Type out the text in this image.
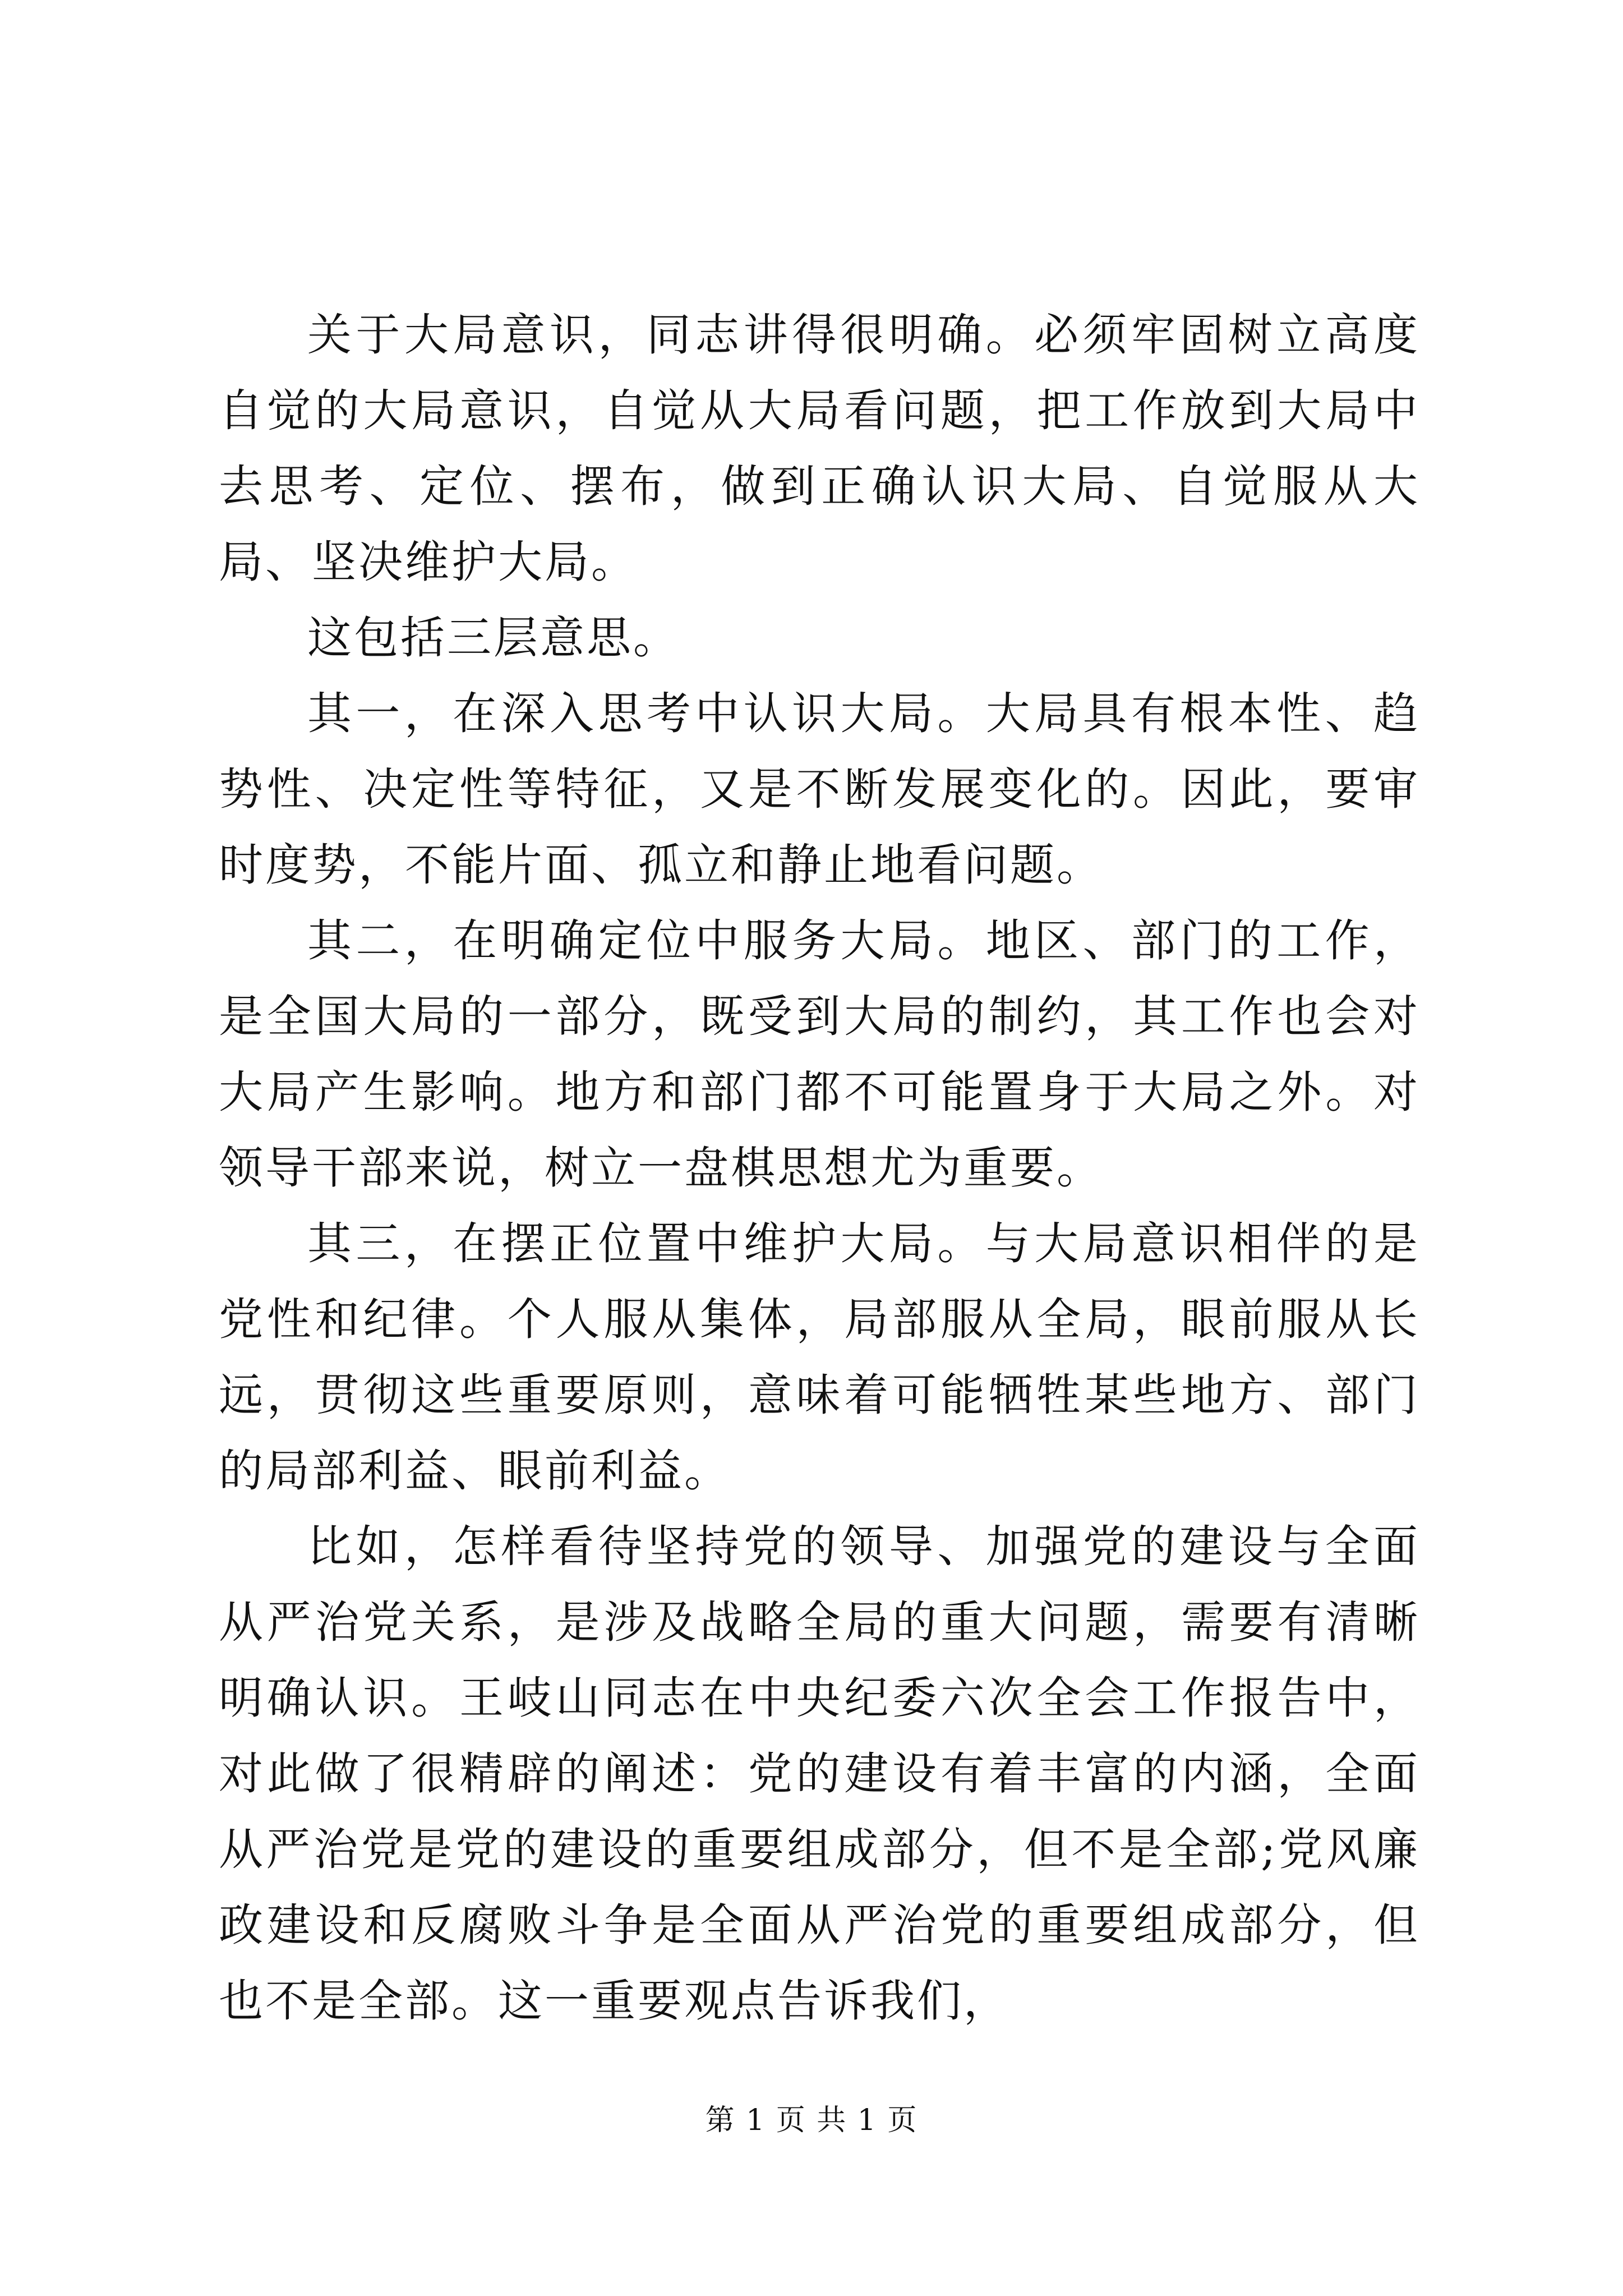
关于大局意识，同志讲得很明确。必须牢固树立高度自觉的大局意识，自觉从大局看问题，把工作放到大局中去思考、定位、摆布，做到正确认识大局、自觉服从大局、坚决维护大局。

这包括三层意思。

其一，在深入思考中认识大局。大局具有根本性、趋势性、决定性等特征，又是不断发展变化的。因此，要审时度势，不能片面、孤立和静止地看问题。

其二，在明确定位中服务大局。地区、部门的工作，是全国大局的一部分，既受到大局的制约，其工作也会对大局产生影响。地方和部门都不可能置身于大局之外。对领导干部来说，树立一盘棋思想尤为重要。

其三，在摆正位置中维护大局。与大局意识相伴的是党性和纪律。个人服从集体，局部服从全局，眼前服从长远，贯彻这些重要原则，意味着可能牺牲某些地方、部门的局部利益、眼前利益。

比如，怎样看待坚持党的领导、加强党的建设与全面从严治党关系，是涉及战略全局的重大问题，需要有清晰明确认识。王岐山同志在中央纪委六次全会工作报告中，对此做了很精辟的阐述：党的建设有着丰富的内涵，全面从严治党是党的建设的重要组成部分，但不是全部;党风廉政建设和反腐败斗争是全面从严治党的重要组成部分，但也不是全部。这一重要观点告诉我们，

第 1 页 共 1 页
